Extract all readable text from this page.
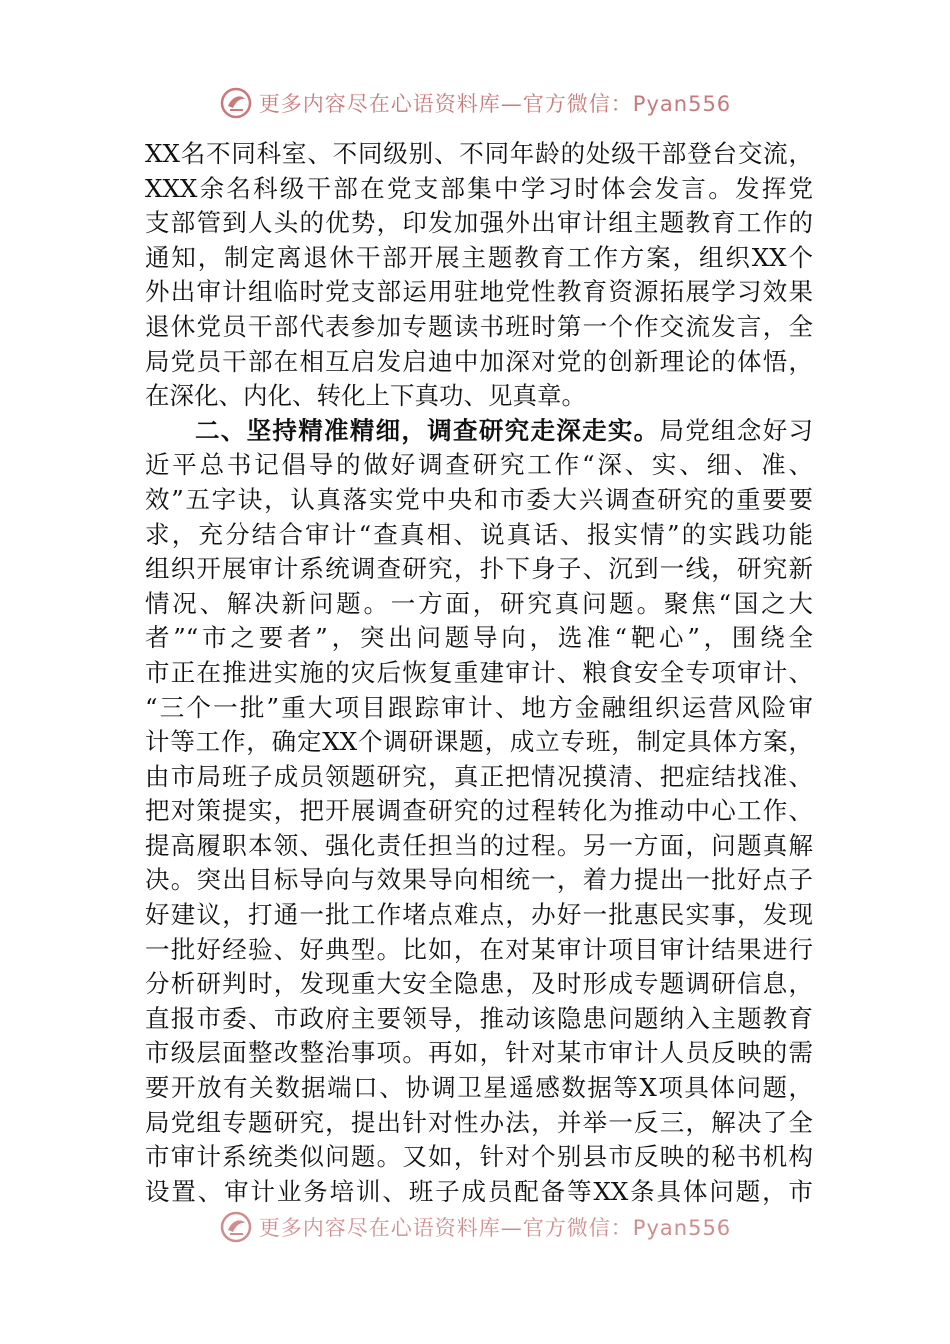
更多内容尽在心语资料库—官方微信：Pyan556
XX名不同科室、不同级别、不同年龄的处级干部登台交流，
XXX余名科级干部在党支部集中学习时体会发言。发挥党
支部管到人头的优势，印发加强外出审计组主题教育工作的
通知，制定离退休干部开展主题教育工作方案，组织XX个
外出审计组临时党支部运用驻地党性教育资源拓展学习效果
退休党员干部代表参加专题读书班时第一个作交流发言，全
局党员干部在相互启发启迪中加深对党的创新理论的体悟，
在深化、内化、转化上下真功、见真章。
二、坚持精准精细，调查研究走深走实。局党组念好习
近平总书记倡导的做好调查研究工作“深、实、细、准、
效”五字诀，认真落实党中央和市委大兴调查研究的重要要
求，充分结合审计“查真相、说真话、报实情”的实践功能
组织开展审计系统调查研究，扑下身子、沉到一线，研究新
情况、解决新问题。一方面，研究真问题。聚焦“国之大
者”“市之要者”，突出问题导向，选准“靶心”，围绕全
市正在推进实施的灾后恢复重建审计、粮食安全专项审计、
“三个一批”重大项目跟踪审计、地方金融组织运营风险审
计等工作，确定XX个调研课题，成立专班，制定具体方案，
由市局班子成员领题研究，真正把情况摸清、把症结找准、
把对策提实，把开展调查研究的过程转化为推动中心工作、
提高履职本领、强化责任担当的过程。另一方面，问题真解
决。突出目标导向与效果导向相统一，着力提出一批好点子
好建议，打通一批工作堵点难点，办好一批惠民实事，发现
一批好经验、好典型。比如，在对某审计项目审计结果进行
分析研判时，发现重大安全隐患，及时形成专题调研信息，
直报市委、市政府主要领导，推动该隐患问题纳入主题教育
市级层面整改整治事项。再如，针对某市审计人员反映的需
要开放有关数据端口、协调卫星遥感数据等X项具体问题，
局党组专题研究，提出针对性办法，并举一反三，解决了全
市审计系统类似问题。又如，针对个别县市反映的秘书机构
设置、审计业务培训、班子成员配备等XX条具体问题，市
更多内容尽在心语资料库—官方微信：Pyan556
